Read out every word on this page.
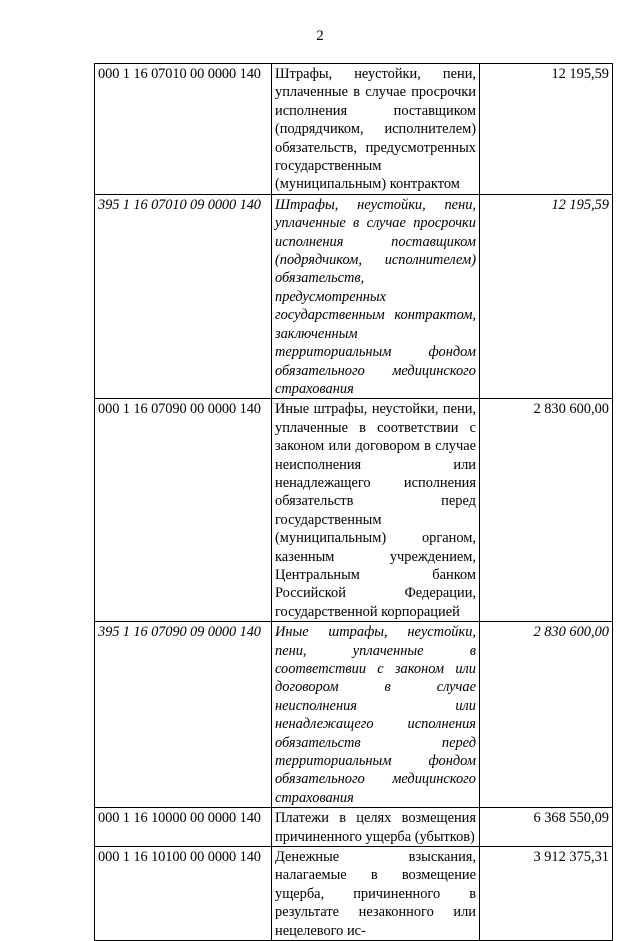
2
000 1 16 07010 00 0000 140	Штрафы, неустойки, пени, уплаченные в случае просрочки исполнения поставщиком (подрядчиком, исполнителем) обязательств, предусмотренных государственным (муниципальным) контрактом	12 195,59
395 1 16 07010 09 0000 140	Штрафы, неустойки, пени, уплаченные в случае просрочки исполнения поставщиком (подрядчиком, исполнителем) обязательств, предусмотренных государственным контрактом, заключенным территориальным фондом обязательного медицинского страхования	12 195,59
000 1 16 07090 00 0000 140	Иные штрафы, неустойки, пени, уплаченные в соответствии с законом или договором в случае неисполнения или ненадлежащего исполнения обязательств перед государственным (муниципальным) органом, казенным учреждением, Центральным банком Российской Федерации, государственной корпорацией	2 830 600,00
395 1 16 07090 09 0000 140	Иные штрафы, неустойки, пени, уплаченные в соответствии с законом или договором в случае неисполнения или ненадлежащего исполнения обязательств перед территориальным фондом обязательного медицинского страхования	2 830 600,00
000 1 16 10000 00 0000 140	Платежи в целях возмещения причиненного ущерба (убытков)	6 368 550,09
000 1 16 10100 00 0000 140	Денежные взыскания, налагаемые в возмещение ущерба, причиненного в результате незаконного или нецелевого ис-	3 912 375,31
